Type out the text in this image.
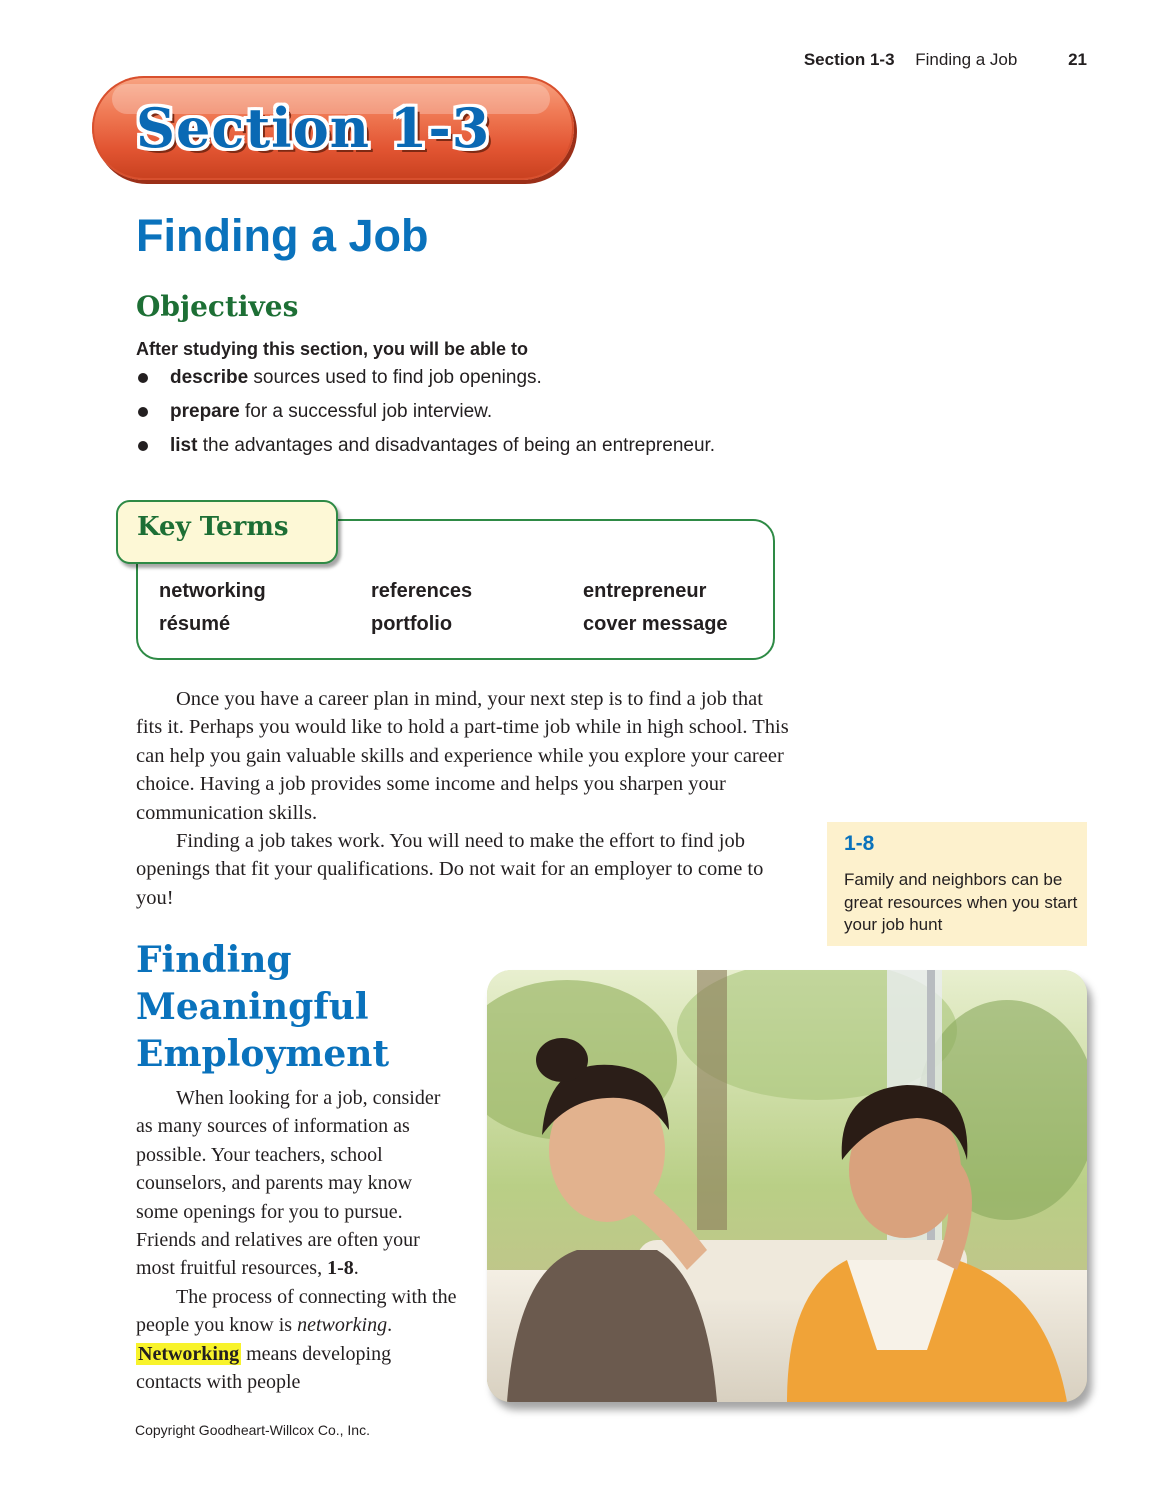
Section 1-3 Finding a Job	21
Section 1-3
Finding a Job
Objectives
After studying this section, you will be able to
describe sources used to find job openings.
prepare for a successful job interview.
list the advantages and disadvantages of being an entrepreneur.
Key Terms
networking	references	entrepreneur
résumé	portfolio	cover message

Once you have a career plan in mind, your next step is to find a job that fits it. Perhaps you would like to hold a part-time job while in high school. This can help you gain valuable skills and experience while you explore your career choice. Having a job provides some income and helps you sharpen your communication skills.

Finding a job takes work. You will need to make the effort to find job openings that fit your qualifications. Do not wait for an employer to come to you!

Finding
Meaningful
Employment

When looking for a job, consider as many sources of information as possible. Your teachers, school counselors, and parents may know some openings for you to pursue. Friends and relatives are often your most fruitful resources, 1-8.

The process of connecting with the people you know is networking. Networking means developing contacts with people

1-8
Family and neighbors can be great resources when you start your job hunt
Copyright Goodheart-Willcox Co., Inc.
